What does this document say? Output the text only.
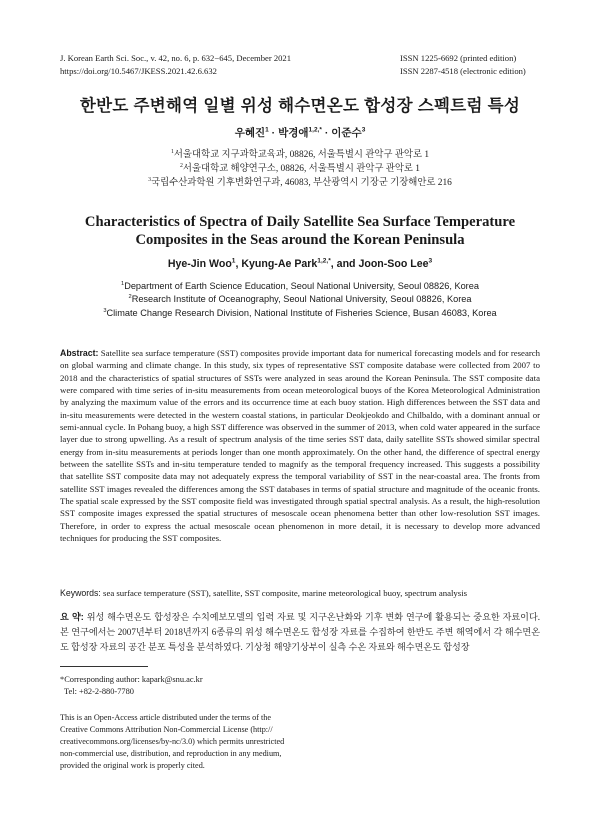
J. Korean Earth Sci. Soc., v. 42, no. 6, p. 632−645, December 2021
https://doi.org/10.5467/JKESS.2021.42.6.632
ISSN 1225-6692 (printed edition)
ISSN 2287-4518 (electronic edition)
한반도 주변해역 일별 위성 해수면온도 합성장 스펙트럼 특성
우혜진$^1$ · 박경애$^{1,2,*}$ · 이준수$^3$
$^1$서울대학교 지구과학교육과, 08826, 서울특별시 관악구 관악로 1
$^2$서울대학교 해양연구소, 08826, 서울특별시 관악구 관악로 1
$^3$국립수산과학원 기후변화연구과, 46083, 부산광역시 기장군 기장해안로 216
Characteristics of Spectra of Daily Satellite Sea Surface Temperature
Composites in the Seas around the Korean Peninsula
Hye-Jin Woo$^1$, Kyung-Ae Park$^{1,2,*}$, and Joon-Soo Lee$^3$
$^1$Department of Earth Science Education, Seoul National University, Seoul 08826, Korea
$^2$Research Institute of Oceanography, Seoul National University, Seoul 08826, Korea
$^3$Climate Change Research Division, National Institute of Fisheries Science, Busan 46083, Korea
Abstract: Satellite sea surface temperature (SST) composites provide important data for numerical forecasting models and for research on global warming and climate change. In this study, six types of representative SST composite database were collected from 2007 to 2018 and the characteristics of spatial structures of SSTs were analyzed in seas around the Korean Peninsula. The SST composite data were compared with time series of in-situ measurements from ocean meteorological buoys of the Korea Meteorological Administration by analyzing the maximum value of the errors and its occurrence time at each buoy station. High differences between the SST data and in-situ measurements were detected in the western coastal stations, in particular Deokjeokdo and Chilbaldo, with a dominant annual or semi-annual cycle. In Pohang buoy, a high SST difference was observed in the summer of 2013, when cold water appeared in the surface layer due to strong upwelling. As a result of spectrum analysis of the time series SST data, daily satellite SSTs showed similar spectral energy from in-situ measurements at periods longer than one month approximately. On the other hand, the difference of spectral energy between the satellite SSTs and in-situ temperature tended to magnify as the temporal frequency increased. This suggests a possibility that satellite SST composite data may not adequately express the temporal variability of SST in the near-coastal area. The fronts from satellite SST images revealed the differences among the SST databases in terms of spatial structure and magnitude of the oceanic fronts. The spatial scale expressed by the SST composite field was investigated through spatial spectral analysis. As a result, the high-resolution SST composite images expressed the spatial structures of mesoscale ocean phenomena better than other low-resolution SST images. Therefore, in order to express the actual mesoscale ocean phenomenon in more detail, it is necessary to develop more advanced techniques for producing the SST composites.
Keywords: sea surface temperature (SST), satellite, SST composite, marine meteorological buoy, spectrum analysis
요 약: 위성 해수면온도 합성장은 수치예보모델의 입력 자료 및 지구온난화와 기후 변화 연구에 활용되는 중요한 자료이다. 본 연구에서는 2007년부터 2018년까지 6종류의 위성 해수면온도 합성장 자료를 수집하여 한반도 주변 해역에서 각 해수면온도 합성장 자료의 공간 분포 특성을 분석하였다. 기상청 해양기상부이 실측 수온 자료와 해수면온도 합성장
*Corresponding author: kapark@snu.ac.kr
Tel: +82-2-880-7780
This is an Open-Access article distributed under the terms of the
Creative Commons Attribution Non-Commercial License (http://
creativecommons.org/licenses/by-nc/3.0) which permits unrestricted
non-commercial use, distribution, and reproduction in any medium,
provided the original work is properly cited.
